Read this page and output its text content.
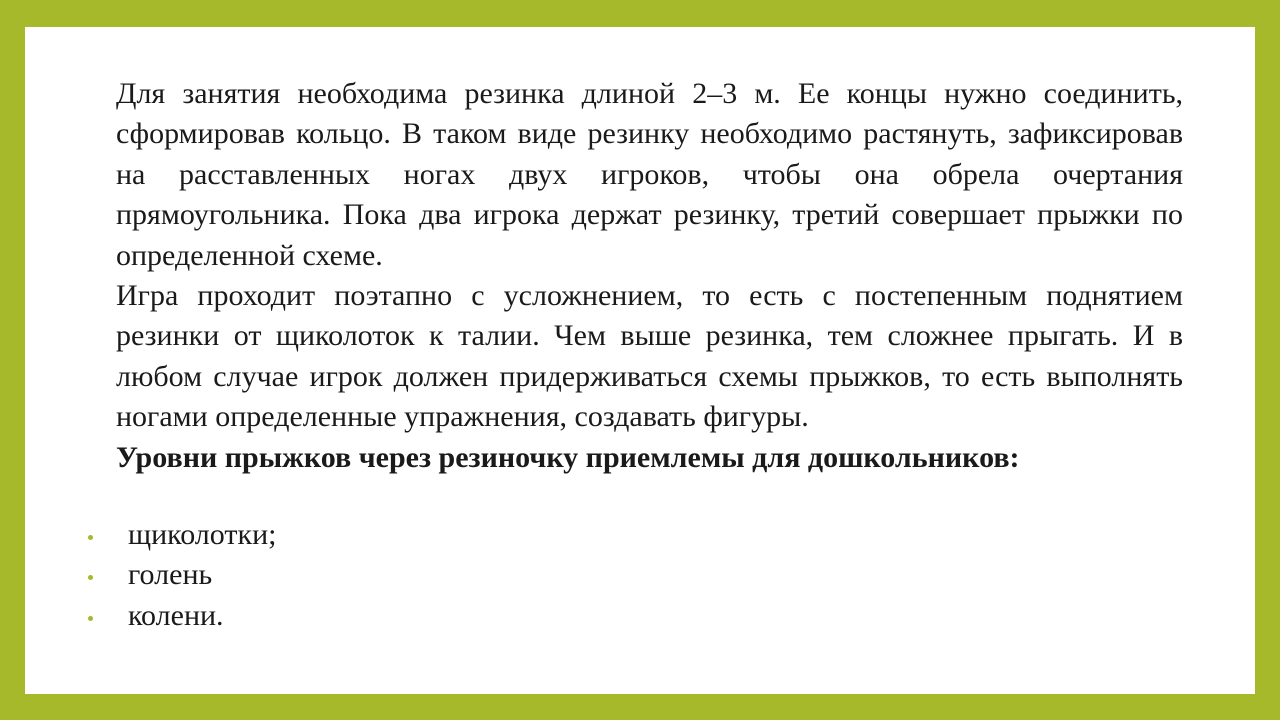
Для занятия необходима резинка длиной 2–3 м. Ее концы нужно соединить, сформировав кольцо. В таком виде резинку необходимо растянуть, зафиксировав на расставленных ногах двух игроков, чтобы она обрела очертания прямоугольника. Пока два игрока держат резинку, третий совершает прыжки по определенной схеме.

Игра проходит поэтапно с усложнением, то есть с постепенным поднятием резинки от щиколоток к талии. Чем выше резинка, тем сложнее прыгать. И в любом случае игрок должен придерживаться схемы прыжков, то есть выполнять ногами определенные упражнения, создавать фигуры.

Уровни прыжков через резиночку приемлемы для дошкольников:

щиколотки;
голень
колени.
